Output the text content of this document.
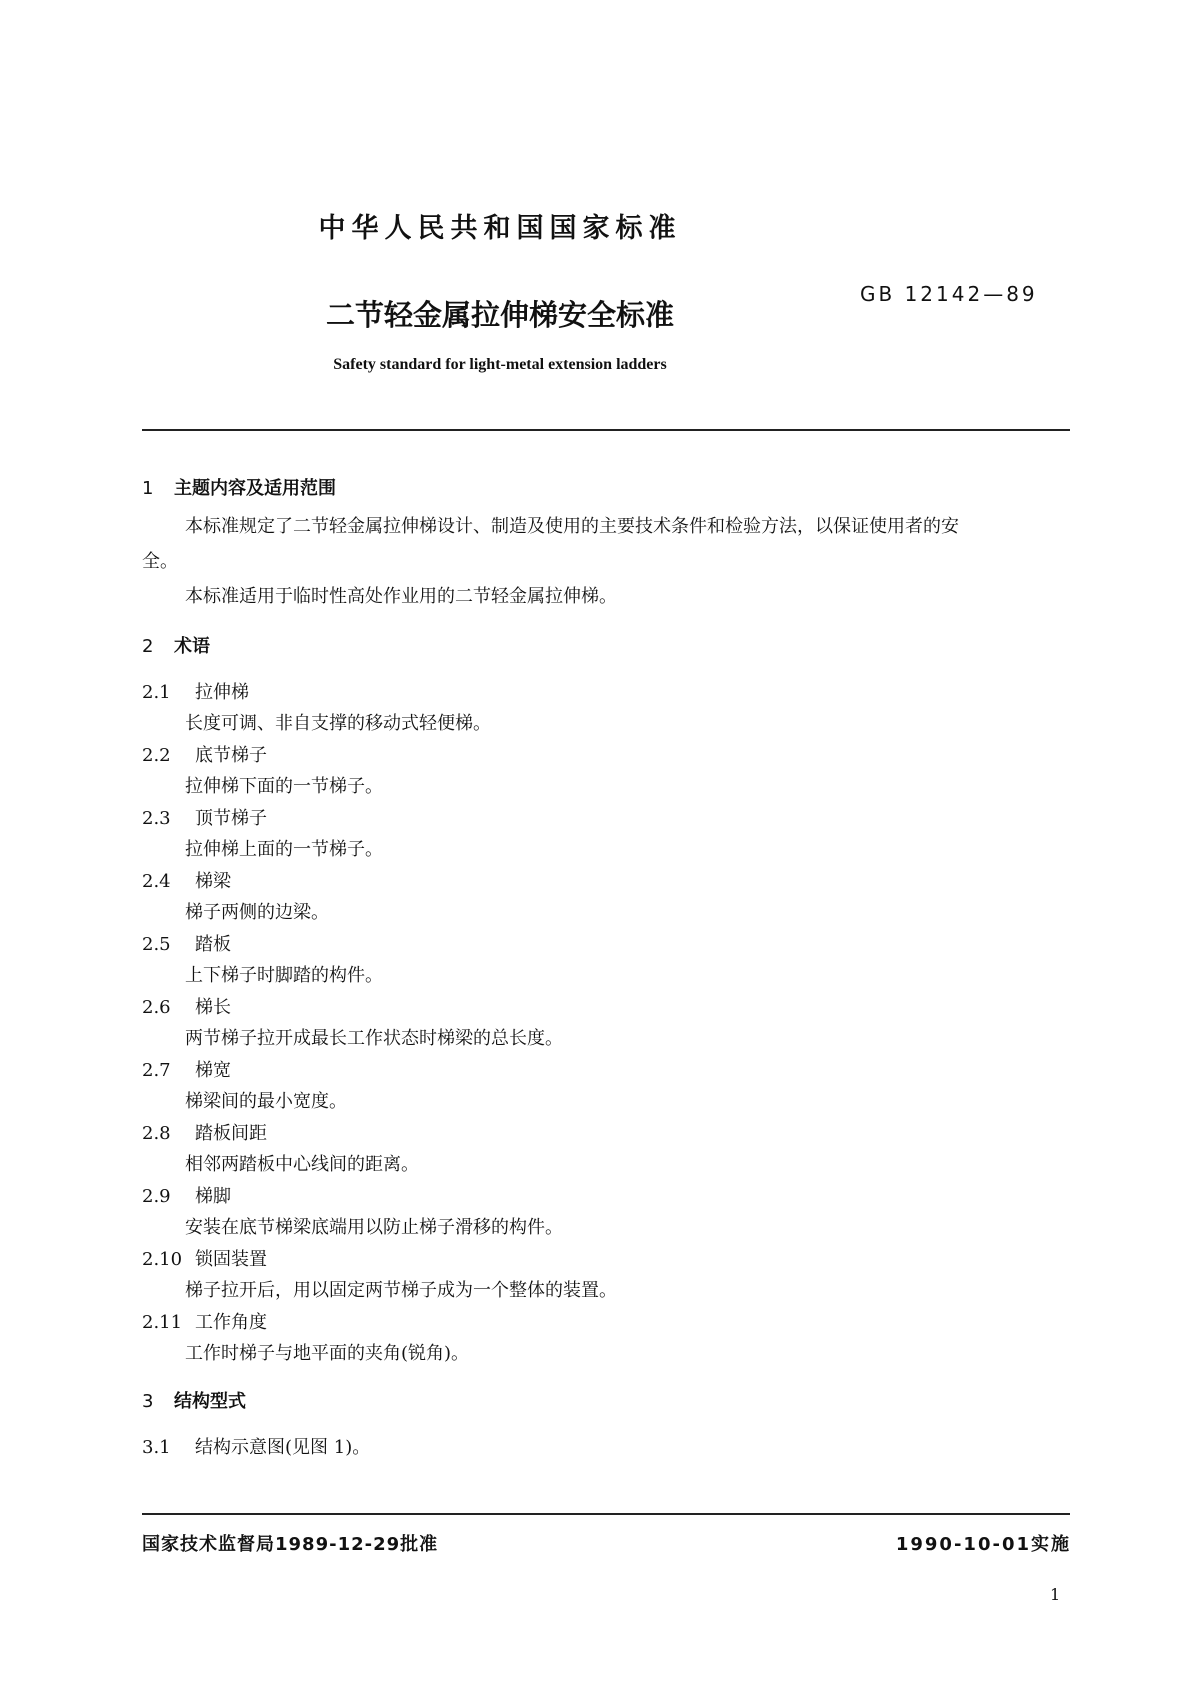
中华人民共和国国家标准
GB 12142—89
二节轻金属拉伸梯安全标准
Safety standard for light-metal extension ladders
1 主题内容及适用范围
本标准规定了二节轻金属拉伸梯设计、制造及使用的主要技术条件和检验方法，以保证使用者的安
全。
本标准适用于临时性高处作业用的二节轻金属拉伸梯。
2 术语
2.1 拉伸梯
长度可调、非自支撑的移动式轻便梯。
2.2 底节梯子
拉伸梯下面的一节梯子。
2.3 顶节梯子
拉伸梯上面的一节梯子。
2.4 梯梁
梯子两侧的边梁。
2.5 踏板
上下梯子时脚踏的构件。
2.6 梯长
两节梯子拉开成最长工作状态时梯梁的总长度。
2.7 梯宽
梯梁间的最小宽度。
2.8 踏板间距
相邻两踏板中心线间的距离。
2.9 梯脚
安装在底节梯梁底端用以防止梯子滑移的构件。
2.10 锁固装置
梯子拉开后，用以固定两节梯子成为一个整体的装置。
2.11 工作角度
工作时梯子与地平面的夹角(锐角)。
3 结构型式
3.1 结构示意图(见图 1)。
国家技术监督局1989-12-29批准	1990-10-01实施
1
